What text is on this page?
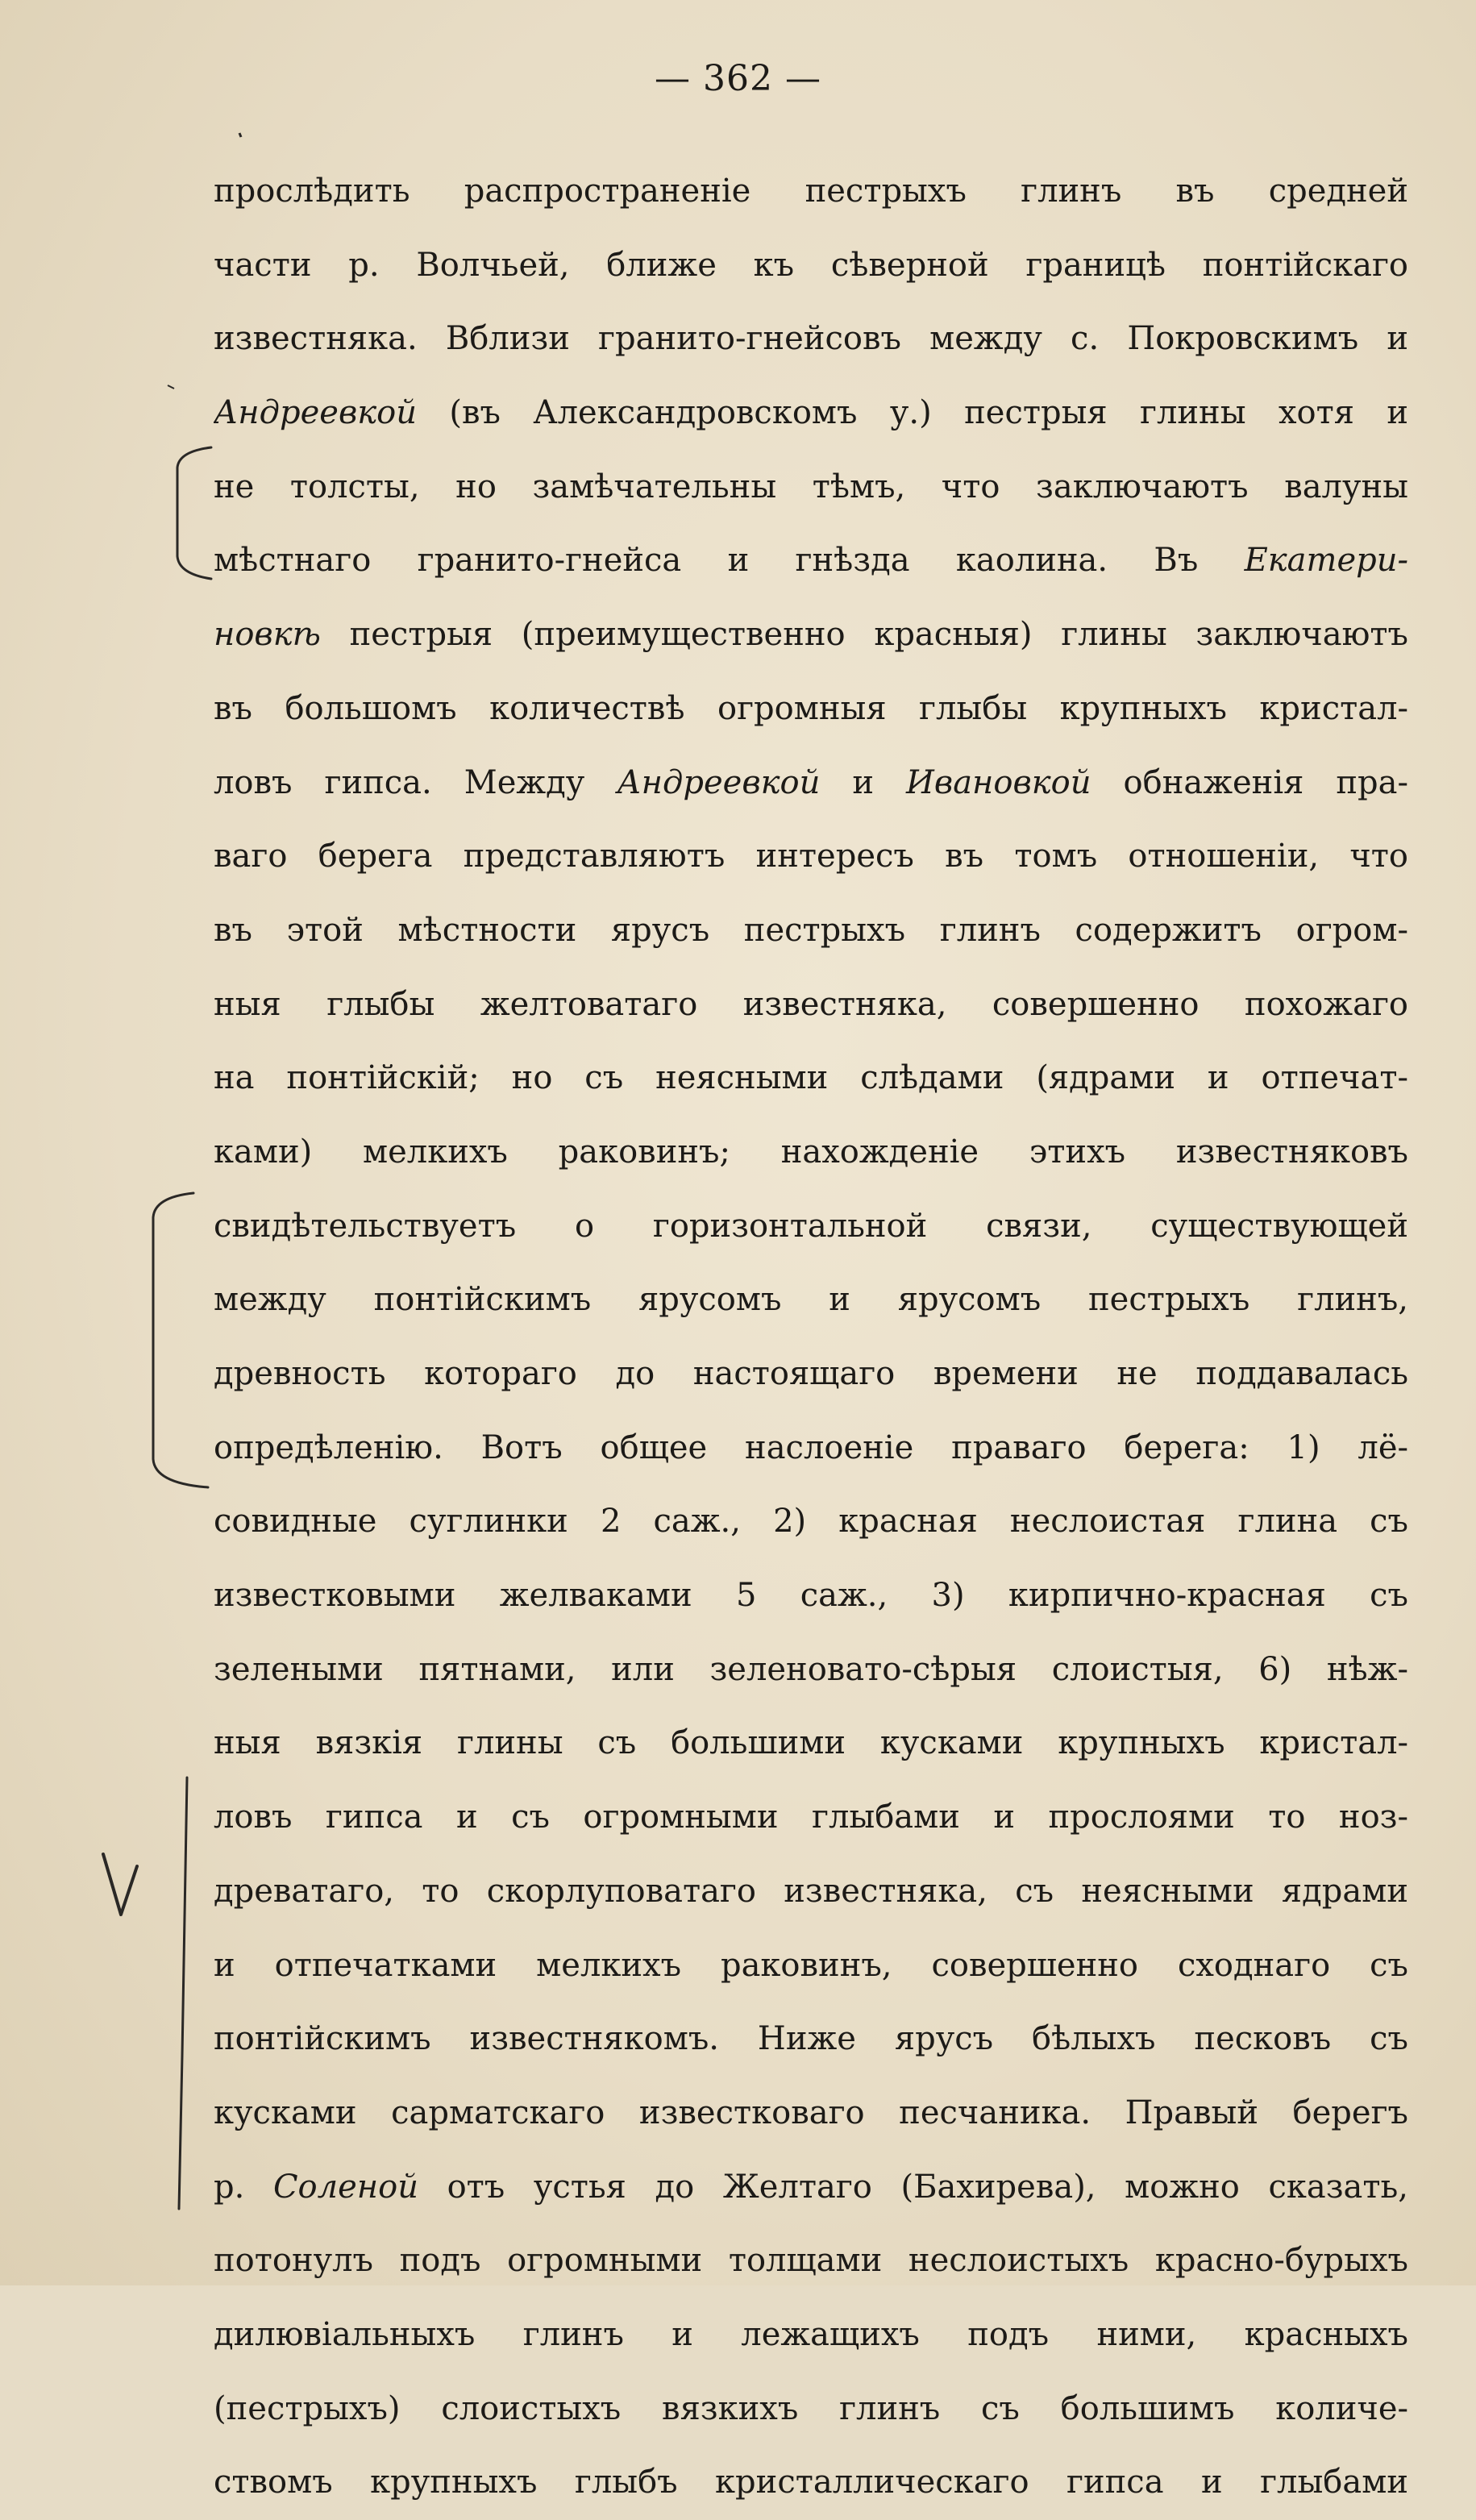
— 362 —
прослѣдить распространеніе пестрыхъ глинъ въ средней
части р. Волчьей, ближе къ сѣверной границѣ понтійскаго
известняка. Вблизи гранито-гнейсовъ между с. Покровскимъ и
Андреевкой (въ Александровскомъ у.) пестрыя глины хотя и
не толсты, но замѣчательны тѣмъ, что заключаютъ валуны
мѣстнаго гранито-гнейса и гнѣзда каолина. Въ Екатери-
новкѣ пестрыя (преимущественно красныя) глины заключаютъ
въ большомъ количествѣ огромныя глыбы крупныхъ кристал-
ловъ гипса. Между Андреевкой и Ивановкой обнаженія пра-
ваго берега представляютъ интересъ въ томъ отношеніи, что
въ этой мѣстности ярусъ пестрыхъ глинъ содержитъ огром-
ныя глыбы желтоватаго известняка, совершенно похожаго
на понтійскій; но съ неясными слѣдами (ядрами и отпечат-
ками) мелкихъ раковинъ; нахожденіе этихъ известняковъ
свидѣтельствуетъ о горизонтальной связи, существующей
между понтійскимъ ярусомъ и ярусомъ пестрыхъ глинъ,
древность котораго до настоящаго времени не поддавалась
опредѣленію. Вотъ общее наслоеніе праваго берега: 1) лё-
совидные суглинки 2 саж., 2) красная неслоистая глина съ
известковыми желваками 5 саж., 3) кирпично-красная съ
зелеными пятнами, или зеленовато-сѣрыя слоистыя, 6) нѣж-
ныя вязкія глины съ большими кусками крупныхъ кристал-
ловъ гипса и съ огромными глыбами и прослоями то ноз-
древатаго, то скорлуповатаго известняка, съ неясными ядрами
и отпечатками мелкихъ раковинъ, совершенно сходнаго съ
понтійскимъ известнякомъ. Ниже ярусъ бѣлыхъ песковъ съ
кусками сарматскаго известковаго песчаника. Правый берегъ
р. Соленой отъ устья до Желтаго (Бахирева), можно сказать,
потонулъ подъ огромными толщами неслоистыхъ красно-бурыхъ
дилювіальныхъ глинъ и лежащихъ подъ ними, красныхъ
(пестрыхъ) слоистыхъ вязкихъ глинъ съ большимъ количе-
ствомъ крупныхъ глыбъ кристаллическаго гипса и глыбами
